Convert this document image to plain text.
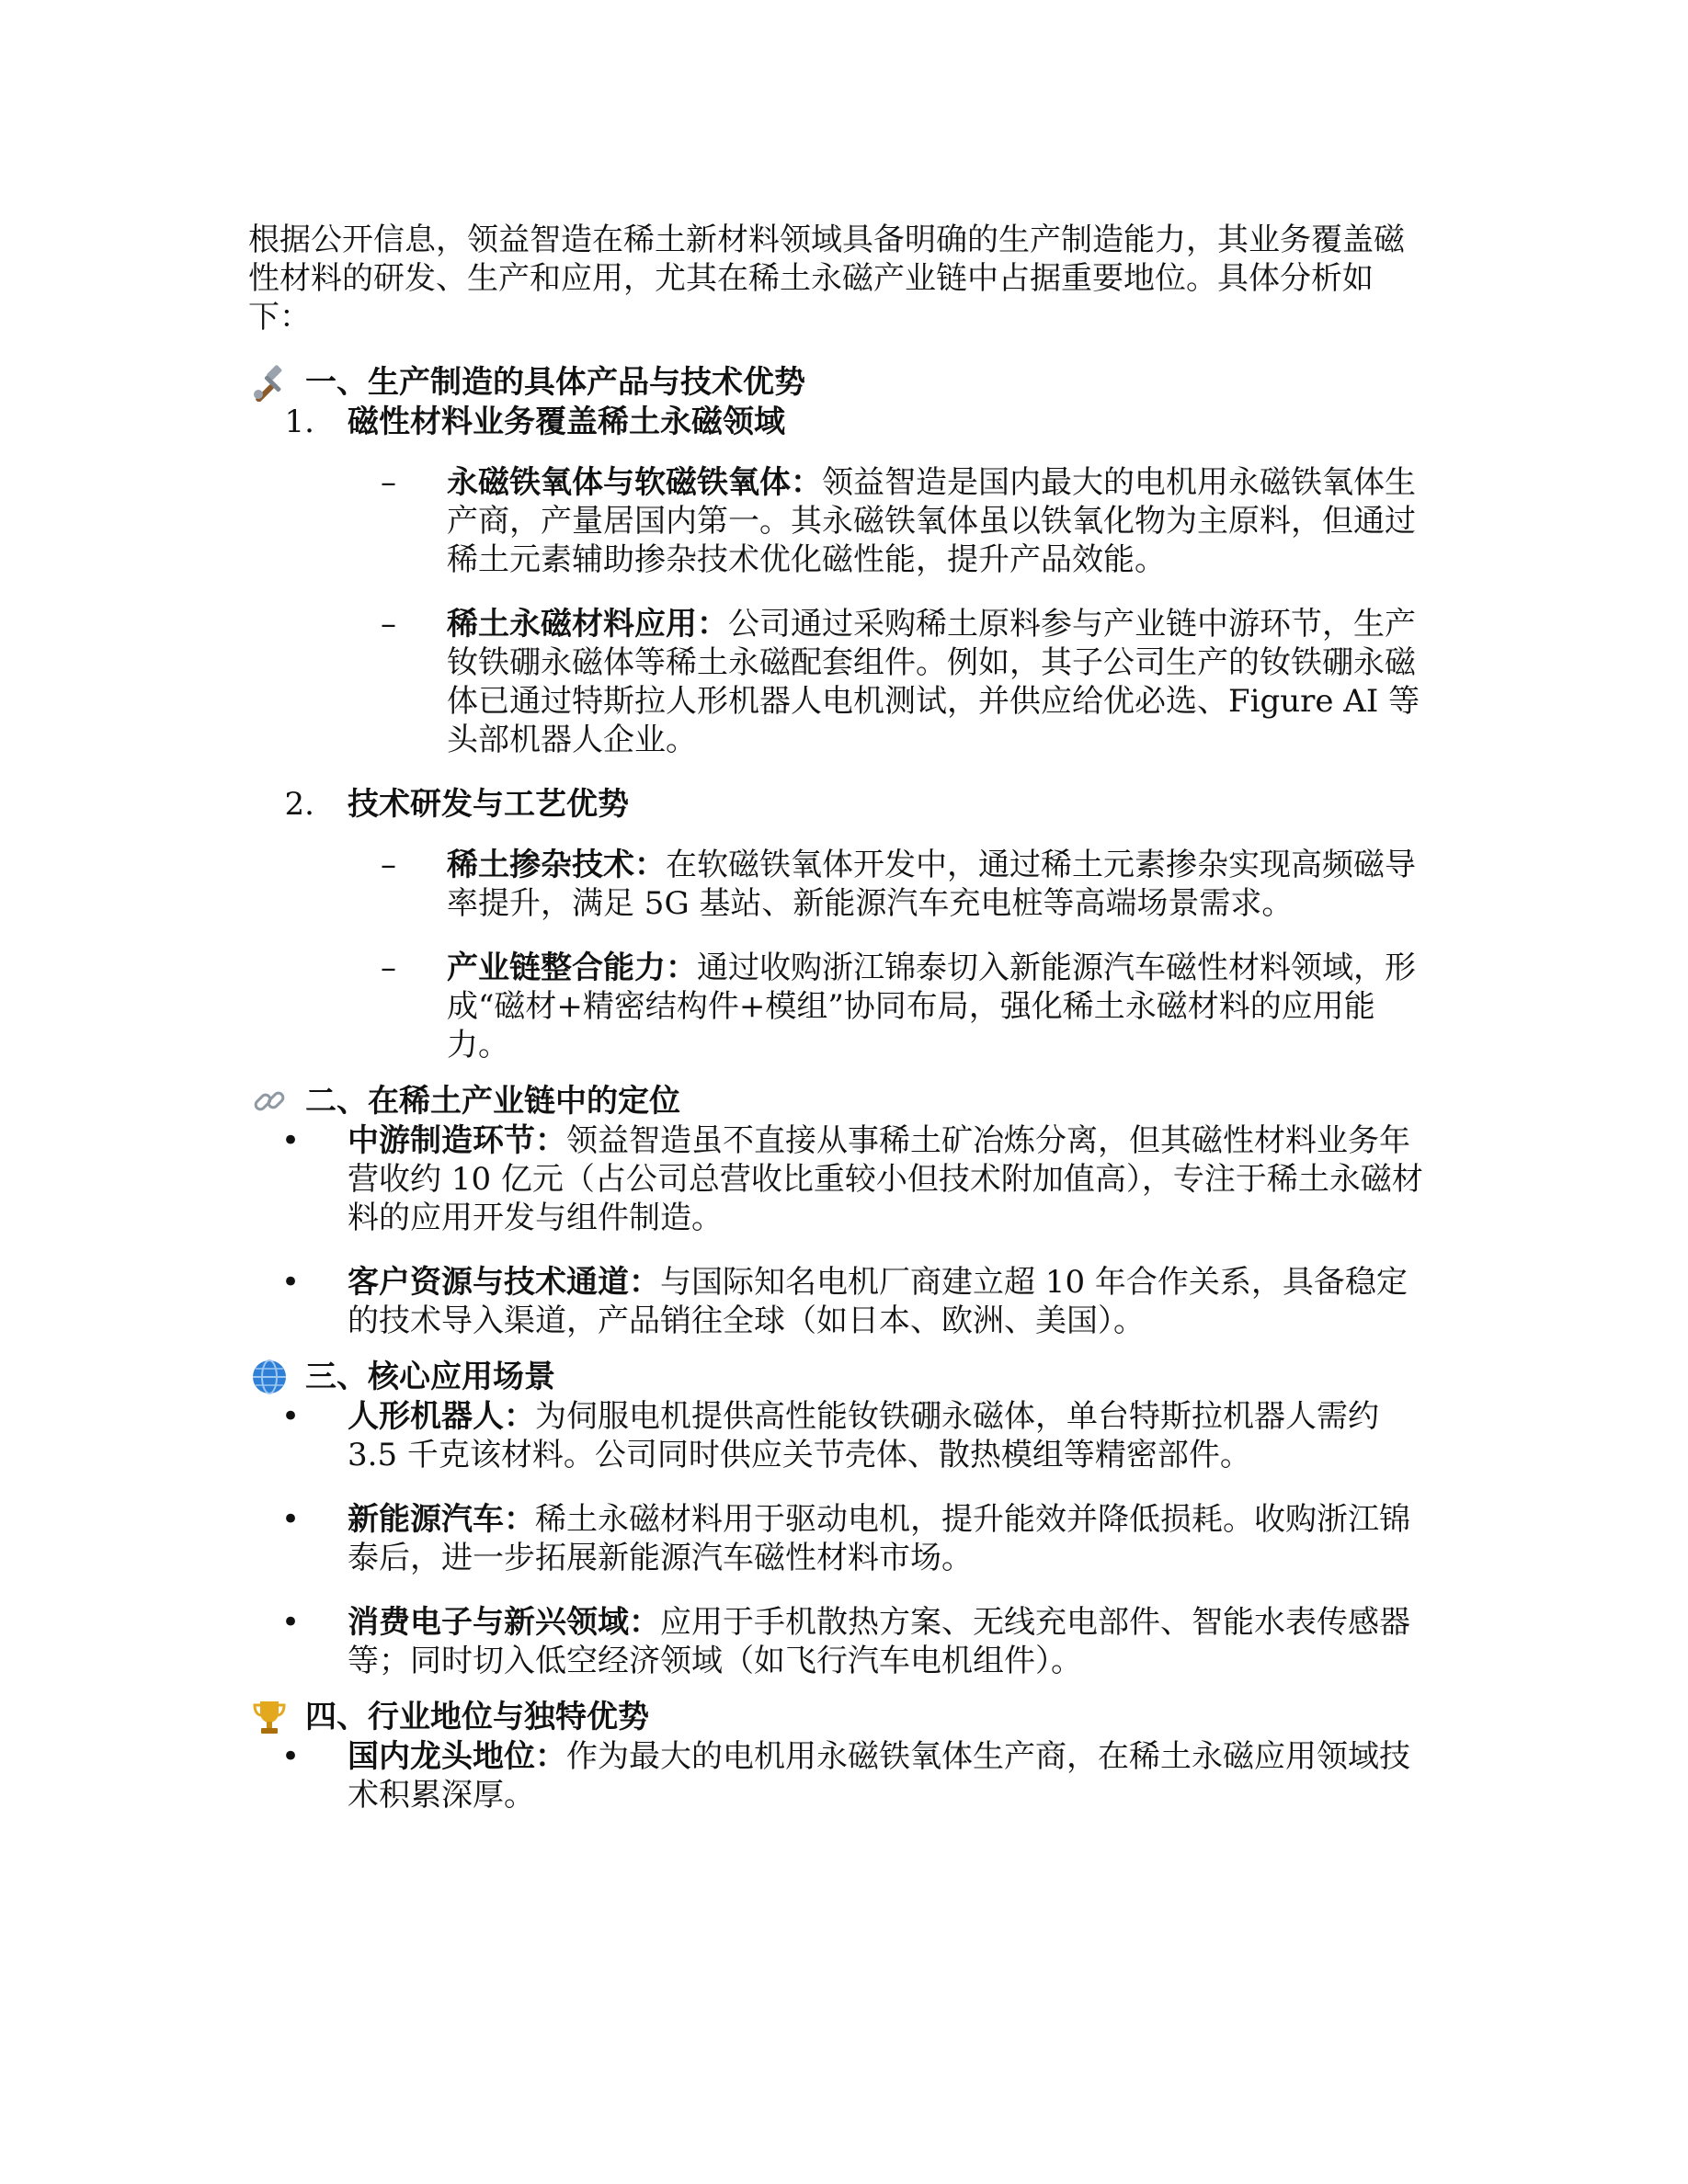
根据公开信息，领益智造在稀土新材料领域具备明确的生产制造能力，其业务覆盖磁性材料的研发、生产和应用，尤其在稀土永磁产业链中占据重要地位。具体分析如下：

一、生产制造的具体产品与技术优势
1.	磁性材料业务覆盖稀土永磁领域
–	永磁铁氧体与软磁铁氧体：领益智造是国内最大的电机用永磁铁氧体生产商，产量居国内第一。其永磁铁氧体虽以铁氧化物为主原料，但通过稀土元素辅助掺杂技术优化磁性能，提升产品效能。
–	稀土永磁材料应用：公司通过采购稀土原料参与产业链中游环节，生产钕铁硼永磁体等稀土永磁配套组件。例如，其子公司生产的钕铁硼永磁体已通过特斯拉人形机器人电机测试，并供应给优必选、Figure AI 等头部机器人企业。
2.	技术研发与工艺优势
–	稀土掺杂技术：在软磁铁氧体开发中，通过稀土元素掺杂实现高频磁导率提升，满足 5G 基站、新能源汽车充电桩等高端场景需求。
–	产业链整合能力：通过收购浙江锦泰切入新能源汽车磁性材料领域，形成“磁材+精密结构件+模组”协同布局，强化稀土永磁材料的应用能力。
二、在稀土产业链中的定位
•	中游制造环节：领益智造虽不直接从事稀土矿冶炼分离，但其磁性材料业务年营收约 10 亿元（占公司总营收比重较小但技术附加值高），专注于稀土永磁材料的应用开发与组件制造。
•	客户资源与技术通道：与国际知名电机厂商建立超 10 年合作关系，具备稳定的技术导入渠道，产品销往全球（如日本、欧洲、美国）。
三、核心应用场景
•	人形机器人：为伺服电机提供高性能钕铁硼永磁体，单台特斯拉机器人需约 3.5 千克该材料。公司同时供应关节壳体、散热模组等精密部件。
•	新能源汽车：稀土永磁材料用于驱动电机，提升能效并降低损耗。收购浙江锦泰后，进一步拓展新能源汽车磁性材料市场。
•	消费电子与新兴领域：应用于手机散热方案、无线充电部件、智能水表传感器等；同时切入低空经济领域（如飞行汽车电机组件）。
四、行业地位与独特优势
•	国内龙头地位：作为最大的电机用永磁铁氧体生产商，在稀土永磁应用领域技术积累深厚。
